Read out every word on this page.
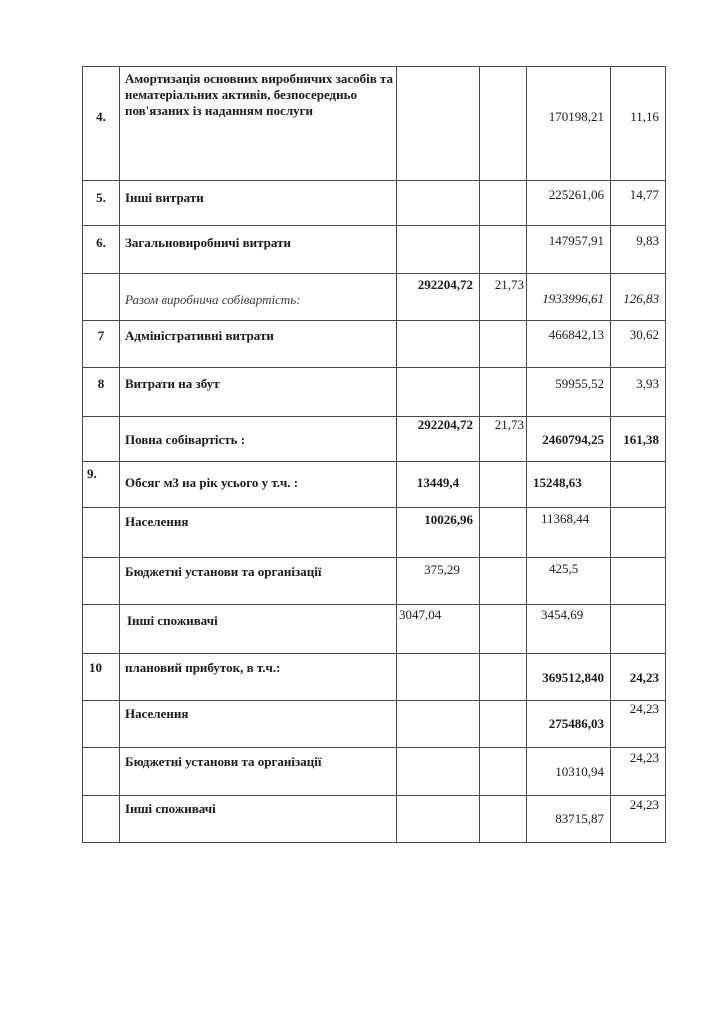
4.	Амортизація основних виробничих засобів та нематеріальних активів, безпосередньо пов'язаних із наданням послуги			170198,21	11,16

5.	Інші витрати			225261,06	14,77

6.	Загальновиробничі витрати			147957,91	9,83

	Разом виробнича собівартість:	292204,72	21,73	1933996,61	126,83

7	Адміністративні витрати			466842,13	30,62

8	Витрати на збут			59955,52	3,93

	Повна собівартість :	292204,72	21,73	2460794,25	161,38

9.	Обсяг м3 на рік усього у т.ч. :	13449,4		15248,63	

	Населення	10026,96		11368,44	

	Бюджетні установи та організації	375,29		425,5	

	Інші споживачі	3047,04		3454,69	

10	плановий прибуток, в т.ч.:			369512,840	24,23

	Населення			275486,03	24,23

	Бюджетні установи та організації			10310,94	24,23

	Інші споживачі			83715,87	24,23
